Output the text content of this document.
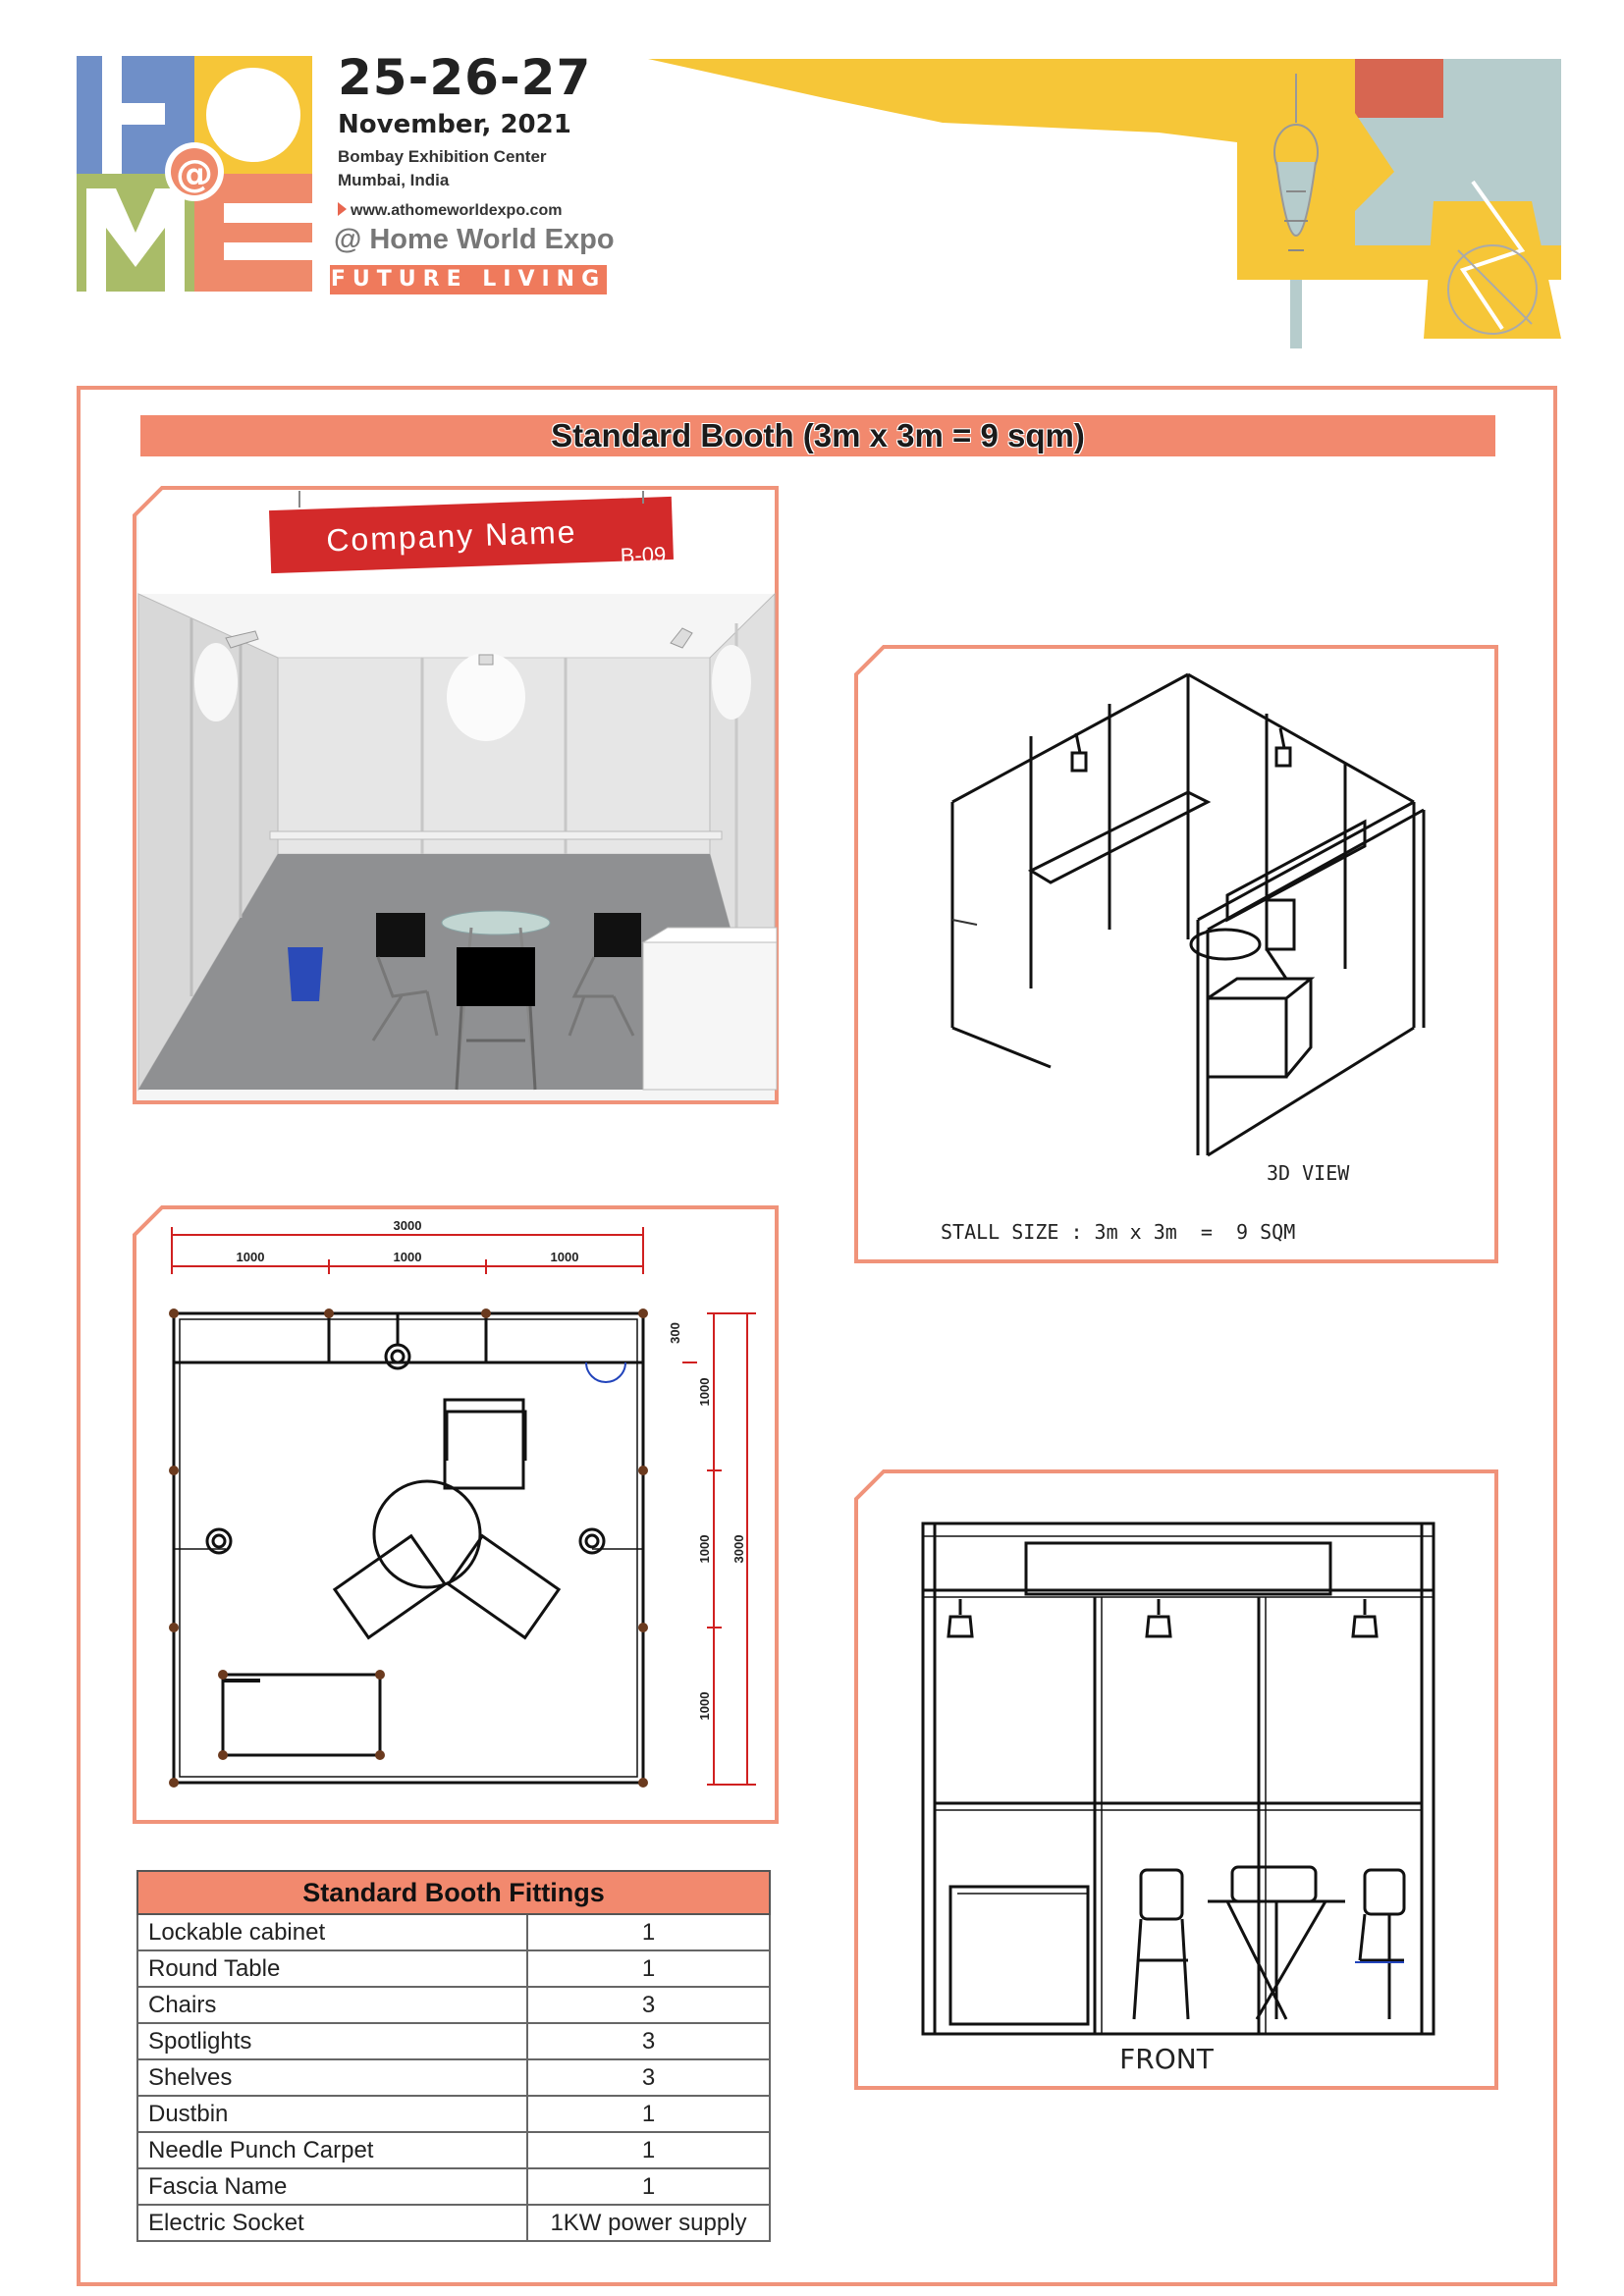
@
25-26-27
November, 2021
Bombay Exhibition Center
Mumbai, India
www.athomeworldexpo.com
@ Home World Expo
FUTURE LIVING
Standard Booth (3m x 3m = 9 sqm)
Company Name B-09
3D VIEW
STALL SIZE : 3m x 3m  =  9 SQM
3000
1000	1000	1000
300
1000
1000
1000
3000
FRONT
Standard Booth Fittings	
Lockable cabinet	1
Round Table	1
Chairs	3
Spotlights	3
Shelves	3
Dustbin	1
Needle Punch Carpet	1
Fascia Name	1
Electric Socket	1KW power supply
